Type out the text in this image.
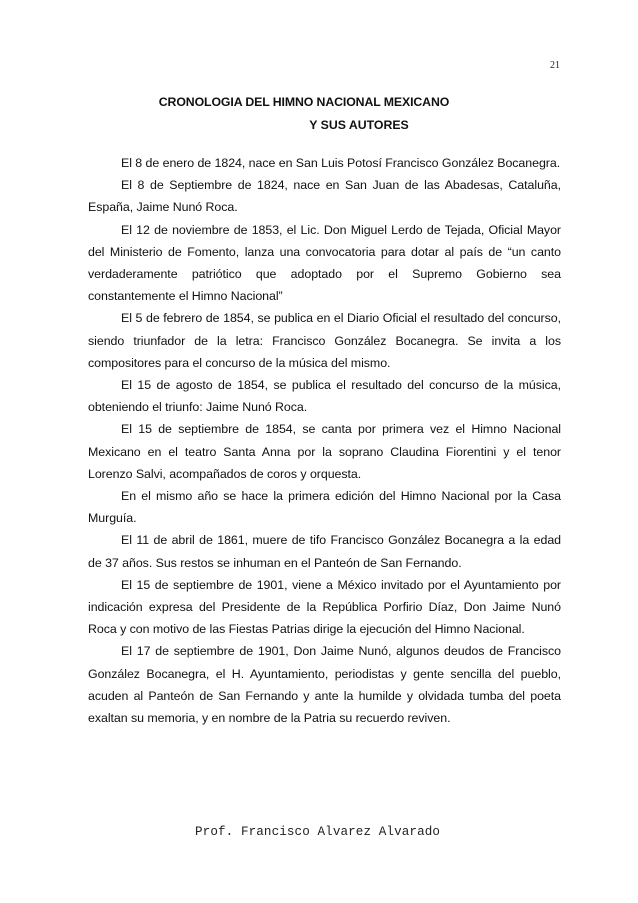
21
CRONOLOGIA DEL HIMNO NACIONAL MEXICANO
Y SUS AUTORES

El 8 de enero de 1824, nace en San Luis Potosí Francisco González Bocanegra.

El 8 de Septiembre de 1824, nace en San Juan de las Abadesas, Cataluña, España, Jaime Nunó Roca.

El 12 de noviembre de 1853, el Lic. Don Miguel Lerdo de Tejada, Oficial Mayor del Ministerio de Fomento, lanza una convocatoria para dotar al país de “un canto verdaderamente patriótico que adoptado por el Supremo Gobierno sea constantemente el Himno Nacional”

El 5 de febrero de 1854, se publica en el Diario Oficial el resultado del concurso, siendo triunfador de la letra: Francisco González Bocanegra. Se invita a los compositores para el concurso de la música del mismo.

El 15 de agosto de 1854, se publica el resultado del concurso de la música, obteniendo el triunfo: Jaime Nunó Roca.

El 15 de septiembre de 1854, se canta por primera vez el Himno Nacional Mexicano en el teatro Santa Anna por la soprano Claudina Fiorentini y el tenor Lorenzo Salvi, acompañados de coros y orquesta.

En el mismo año se hace la primera edición del Himno Nacional por la Casa Murguía.

El 11 de abril de 1861, muere de tifo Francisco González Bocanegra a la edad de 37 años. Sus restos se inhuman en el Panteón de San Fernando.

El 15 de septiembre de 1901, viene a México invitado por el Ayuntamiento por indicación expresa del Presidente de la República Porfirio Díaz, Don Jaime Nunó Roca y con motivo de las Fiestas Patrias dirige la ejecución del Himno Nacional.

El 17 de septiembre de 1901, Don Jaime Nunó, algunos deudos de Francisco González Bocanegra, el H. Ayuntamiento, periodistas y gente sencilla del pueblo, acuden al Panteón de San Fernando y ante la humilde y olvidada tumba del poeta exaltan su memoria, y en nombre de la Patria su recuerdo reviven.

Prof. Francisco Alvarez Alvarado
